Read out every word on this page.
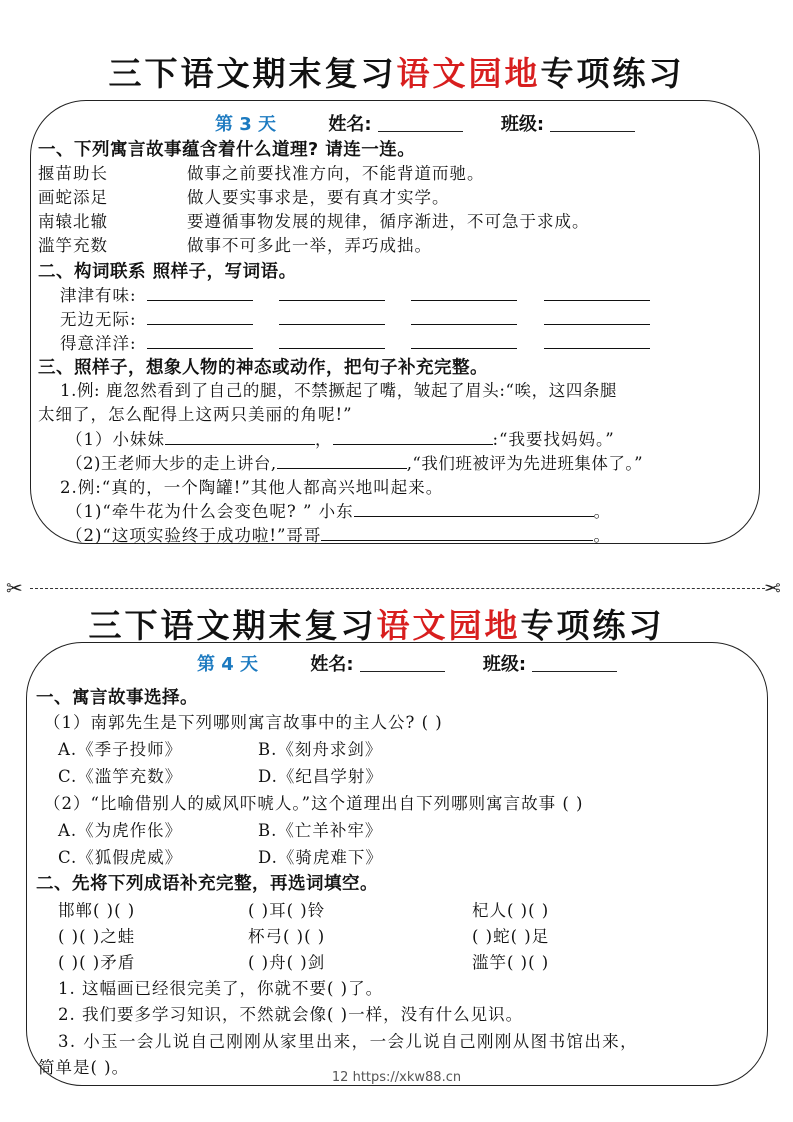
三下语文期末复习语文园地专项练习
第 3 天	姓名:	班级:
一、下列寓言故事蕴含着什么道理? 请连一连。
揠苗助长	做事之前要找准方向，不能背道而驰。
画蛇添足	做人要实事求是，要有真才实学。
南辕北辙	要遵循事物发展的规律，循序渐进，不可急于求成。
滥竽充数	做事不可多此一举，弄巧成拙。
二、构词联系 照样子，写词语。
津津有味:
无边无际:
得意洋洋:
三、照样子，想象人物的神态或动作，把句子补充完整。
1.例: 鹿忽然看到了自己的腿，不禁撅起了嘴，皱起了眉头:“唉，这四条腿
太细了，怎么配得上这两只美丽的角呢!”
（1）小妹妹	，	:“我要找妈妈。”
（2)王老师大步的走上讲台,	,“我们班被评为先进班集体了。”
2.例:“真的，一个陶罐!”其他人都高兴地叫起来。
（1)“牵牛花为什么会变色呢? ” 小东	。
（2)“这项实验终于成功啦!”哥哥	。
✂	✂
三下语文期末复习语文园地专项练习
第 4 天	姓名:	班级:
一、寓言故事选择。
（1）南郭先生是下列哪则寓言故事中的主人公? ( )
A.《季子投师》	B.《刻舟求剑》
C.《滥竽充数》	D.《纪昌学射》
（2）“比喻借别人的威风吓唬人。”这个道理出自下列哪则寓言故事 ( )
A.《为虎作伥》	B.《亡羊补牢》
C.《狐假虎威》	D.《骑虎难下》
二、先将下列成语补充完整，再选词填空。
邯郸( )( )	( )耳( )铃	杞人( )( )
( )( )之蛙	杯弓( )( )	( )蛇( )足
( )( )矛盾	( )舟( )剑	滥竽( )( )
1. 这幅画已经很完美了，你就不要( )了。
2. 我们要多学习知识，不然就会像( )一样，没有什么见识。
3. 小玉一会儿说自己刚刚从家里出来，一会儿说自己刚刚从图书馆出来，
简单是( )。
12 https://xkw88.cn
